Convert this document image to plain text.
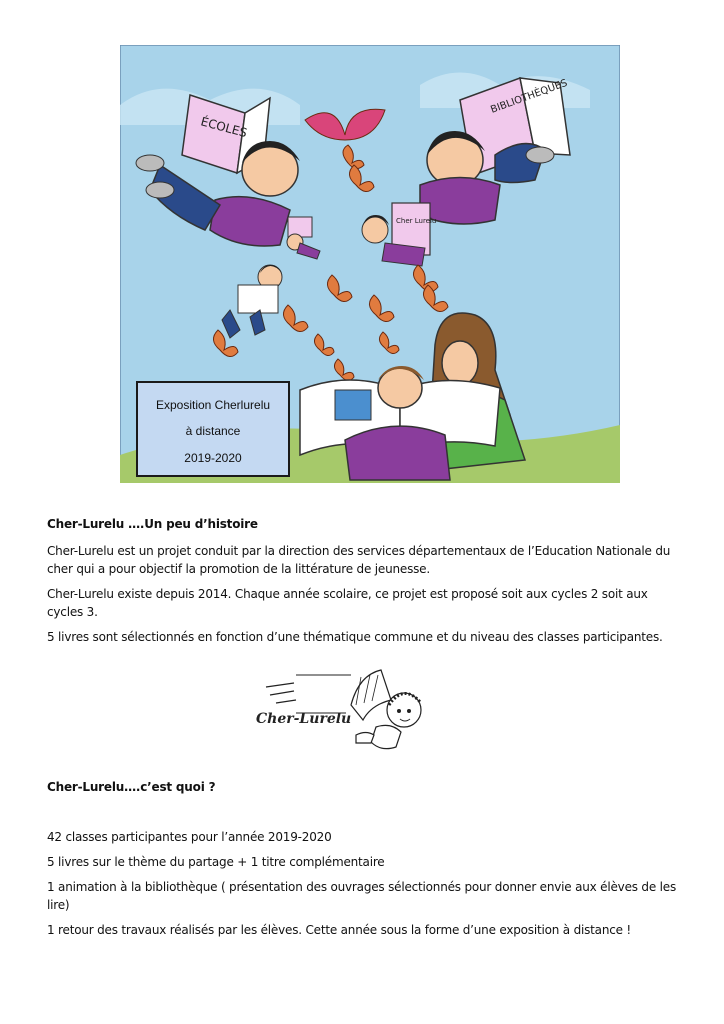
ÉCOLES
BIBLIOTHÈQUES
Cher Lurelu
Exposition Cherlurelu
à distance
2019-2020
Cher-Lurelu ….Un peu d’histoire
Cher-Lurelu est un projet conduit par la direction des services départementaux de l’Education Nationale du cher qui a pour objectif la promotion de la littérature de jeunesse.
Cher-Lurelu existe depuis 2014. Chaque année scolaire, ce projet est proposé soit aux cycles 2 soit aux cycles 3.
5 livres sont sélectionnés en fonction d’une thématique commune et du niveau des classes participantes.
Cher-Lurelu
Cher-Lurelu….c’est quoi ?
42 classes participantes pour l’année 2019-2020
5 livres sur le thème du partage + 1 titre complémentaire
1 animation à la bibliothèque ( présentation des ouvrages sélectionnés pour donner envie aux élèves de les lire)
1 retour des travaux réalisés par les élèves. Cette année sous la forme d’une exposition à distance !
